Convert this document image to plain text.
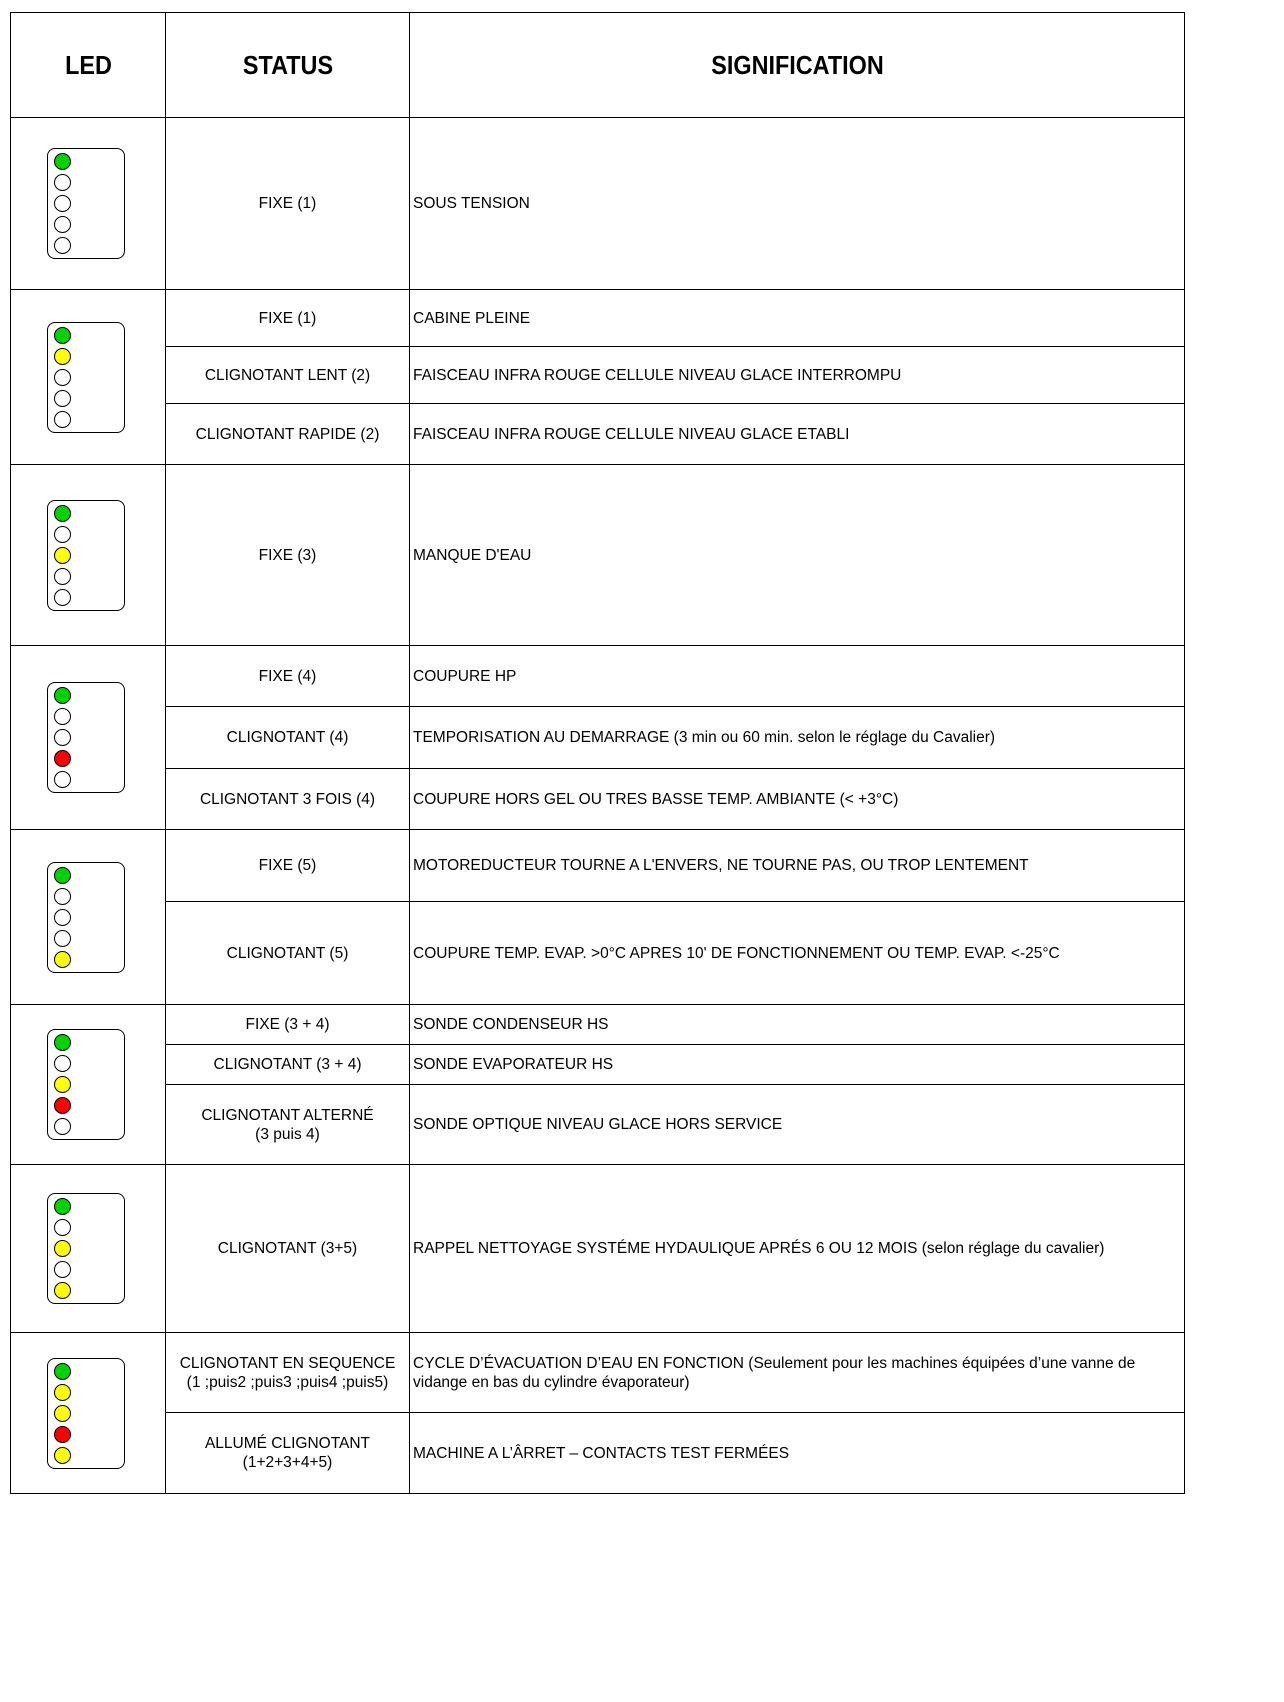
LED	STATUS	SIGNIFICATION

	FIXE (1)	SOUS TENSION

	FIXE (1)	CABINE PLEINE
	CLIGNOTANT LENT (2)	FAISCEAU INFRA ROUGE CELLULE NIVEAU GLACE INTERROMPU
	CLIGNOTANT RAPIDE (2)	FAISCEAU INFRA ROUGE CELLULE NIVEAU GLACE ETABLI

	FIXE (3)	MANQUE D'EAU

	FIXE (4)	COUPURE HP
	CLIGNOTANT (4)	TEMPORISATION AU DEMARRAGE (3 min ou 60 min. selon le réglage du Cavalier)
	CLIGNOTANT 3 FOIS (4)	COUPURE HORS GEL OU TRES BASSE TEMP. AMBIANTE (< +3°C)

	FIXE (5)	MOTOREDUCTEUR TOURNE A L'ENVERS, NE TOURNE PAS, OU TROP LENTEMENT
	CLIGNOTANT (5)	COUPURE TEMP. EVAP. >0°C APRES 10' DE FONCTIONNEMENT OU TEMP. EVAP. <-25°C

	FIXE (3 + 4)	SONDE CONDENSEUR HS
	CLIGNOTANT (3 + 4)	SONDE EVAPORATEUR HS
	CLIGNOTANT ALTERNÉ
(3 puis 4)	SONDE OPTIQUE NIVEAU GLACE HORS SERVICE

	CLIGNOTANT (3+5)	RAPPEL NETTOYAGE SYSTÉME HYDAULIQUE APRÉS 6 OU 12 MOIS (selon réglage du cavalier)

	CLIGNOTANT EN SEQUENCE
(1 ;puis2 ;puis3 ;puis4 ;puis5)	CYCLE D’ÉVACUATION D’EAU EN FONCTION (Seulement pour les machines équipées d’une vanne de vidange en bas du cylindre évaporateur)
	ALLUMÉ CLIGNOTANT
(1+2+3+4+5)	MACHINE A L’ÂRRET – CONTACTS TEST FERMÉES
